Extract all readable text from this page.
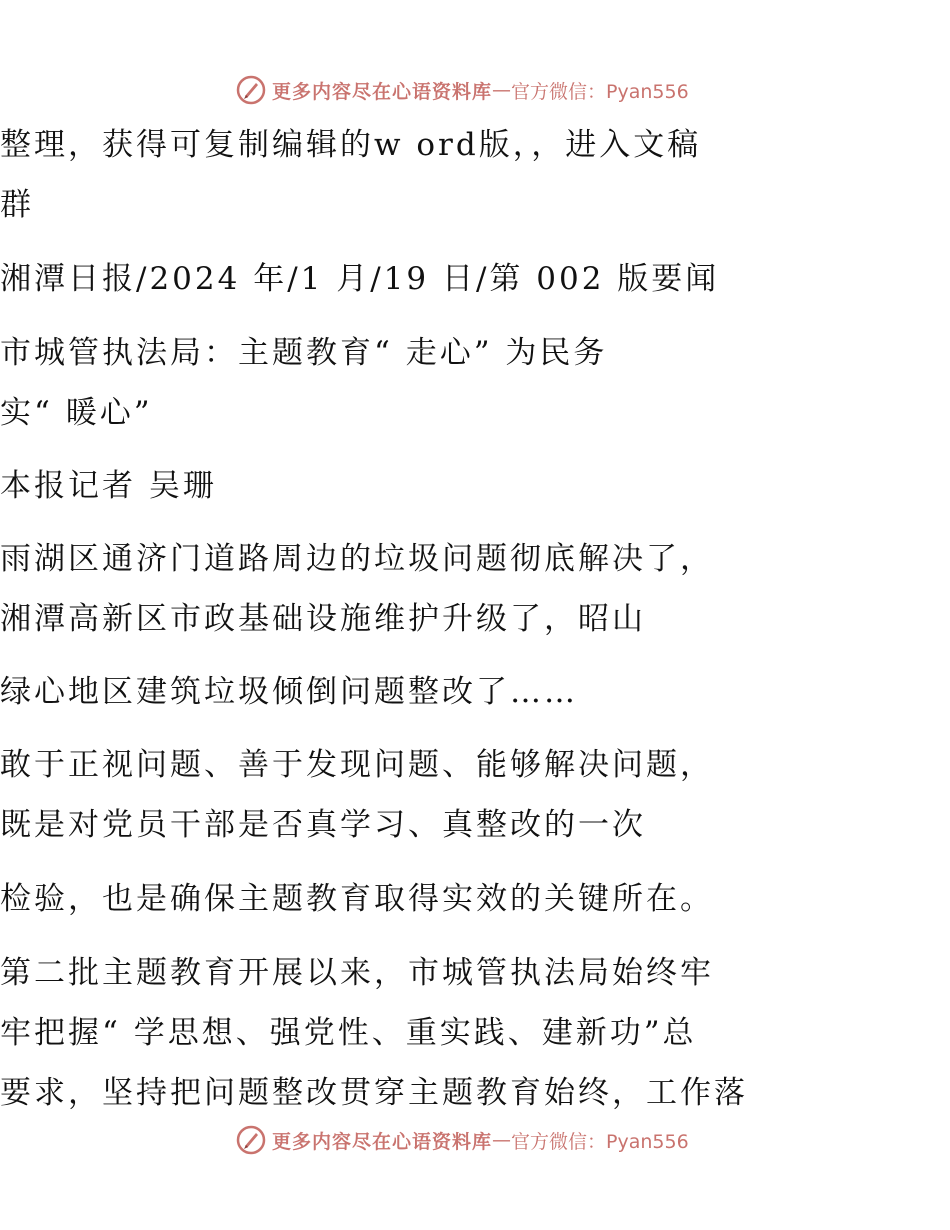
更多内容尽在心语资料库 — 官方微信：Pyan556

整理，获得可复制编辑的w ord版，，进入文稿

群

湘潭日报/2024 年/1 月/19 日/第 002 版要闻

市城管执法局：主题教育“ 走心” 为民务

实“ 暖心”

本报记者 吴珊

雨湖区通济门道路周边的垃圾问题彻底解决了，

湘潭高新区市政基础设施维护升级了，昭山

绿心地区建筑垃圾倾倒问题整改了……

敢于正视问题、善于发现问题、能够解决问题，

既是对党员干部是否真学习、真整改的一次

检验，也是确保主题教育取得实效的关键所在。

第二批主题教育开展以来，市城管执法局始终牢

牢把握“ 学思想、强党性、重实践、建新功”总

要求，坚持把问题整改贯穿主题教育始终，工作落

更多内容尽在心语资料库 — 官方微信：Pyan556
